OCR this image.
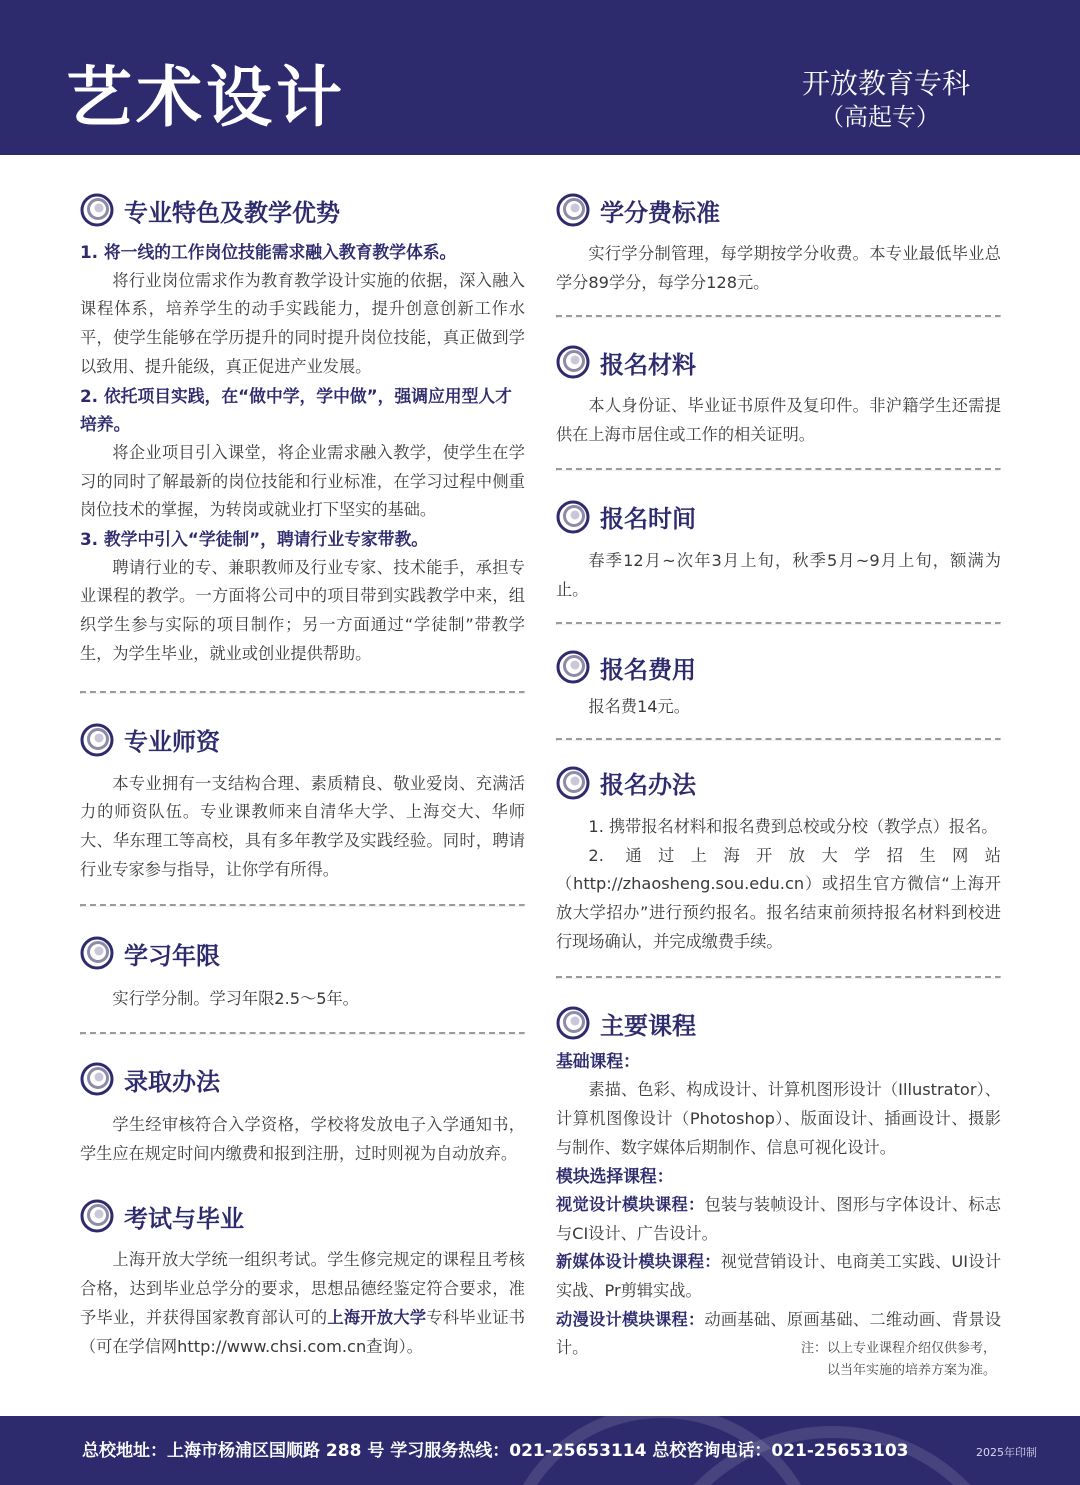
艺术设计	开放教育专科
（高起专）
专业特色及教学优势

1. 将一线的工作岗位技能需求融入教育教学体系。

将行业岗位需求作为教育教学设计实施的依据，深入融入课程体系，培养学生的动手实践能力，提升创意创新工作水平，使学生能够在学历提升的同时提升岗位技能，真正做到学以致用、提升能级，真正促进产业发展。

2. 依托项目实践，在“做中学，学中做”，强调应用型人才培养。

将企业项目引入课堂，将企业需求融入教学，使学生在学习的同时了解最新的岗位技能和行业标准，在学习过程中侧重岗位技术的掌握，为转岗或就业打下坚实的基础。

3. 教学中引入“学徒制”，聘请行业专家带教。

聘请行业的专、兼职教师及行业专家、技术能手，承担专业课程的教学。一方面将公司中的项目带到实践教学中来，组织学生参与实际的项目制作；另一方面通过“学徒制”带教学生，为学生毕业，就业或创业提供帮助。

专业师资

本专业拥有一支结构合理、素质精良、敬业爱岗、充满活力的师资队伍。专业课教师来自清华大学、上海交大、华师大、华东理工等高校，具有多年教学及实践经验。同时，聘请行业专家参与指导，让你学有所得。

学习年限

实行学分制。学习年限2.5～5年。

录取办法

学生经审核符合入学资格，学校将发放电子入学通知书，学生应在规定时间内缴费和报到注册，过时则视为自动放弃。

考试与毕业

上海开放大学统一组织考试。学生修完规定的课程且考核合格，达到毕业总学分的要求，思想品德经鉴定符合要求，准予毕业，并获得国家教育部认可的上海开放大学专科毕业证书（可在学信网http://www.chsi.com.cn查询）。

学分费标准

实行学分制管理，每学期按学分收费。本专业最低毕业总学分89学分，每学分128元。

报名材料

本人身份证、毕业证书原件及复印件。非沪籍学生还需提供在上海市居住或工作的相关证明。

报名时间

春季12月~次年3月上旬，秋季5月~9月上旬，额满为止。

报名费用

报名费14元。

报名办法

1. 携带报名材料和报名费到总校或分校（教学点）报名。

2. 通过上海开放大学招生网站（http://zhaosheng.sou.edu.cn）或招生官方微信“上海开放大学招办”进行预约报名。报名结束前须持报名材料到校进行现场确认，并完成缴费手续。

主要课程

基础课程：

素描、色彩、构成设计、计算机图形设计（Illustrator）、计算机图像设计（Photoshop）、版面设计、插画设计、摄影与制作、数字媒体后期制作、信息可视化设计。

模块选择课程：

视觉设计模块课程：包装与装帧设计、图形与字体设计、标志与CI设计、广告设计。

新媒体设计模块课程：视觉营销设计、电商美工实践、UI设计实战、Pr剪辑实战。

动漫设计模块课程：动画基础、原画基础、二维动画、背景设计。	注：以上专业课程介绍仅供参考，
以当年实施的培养方案为准。
总校地址：上海市杨浦区国顺路 288 号 学习服务热线：021-25653114 总校咨询电话：021-25653103	2025年印制
